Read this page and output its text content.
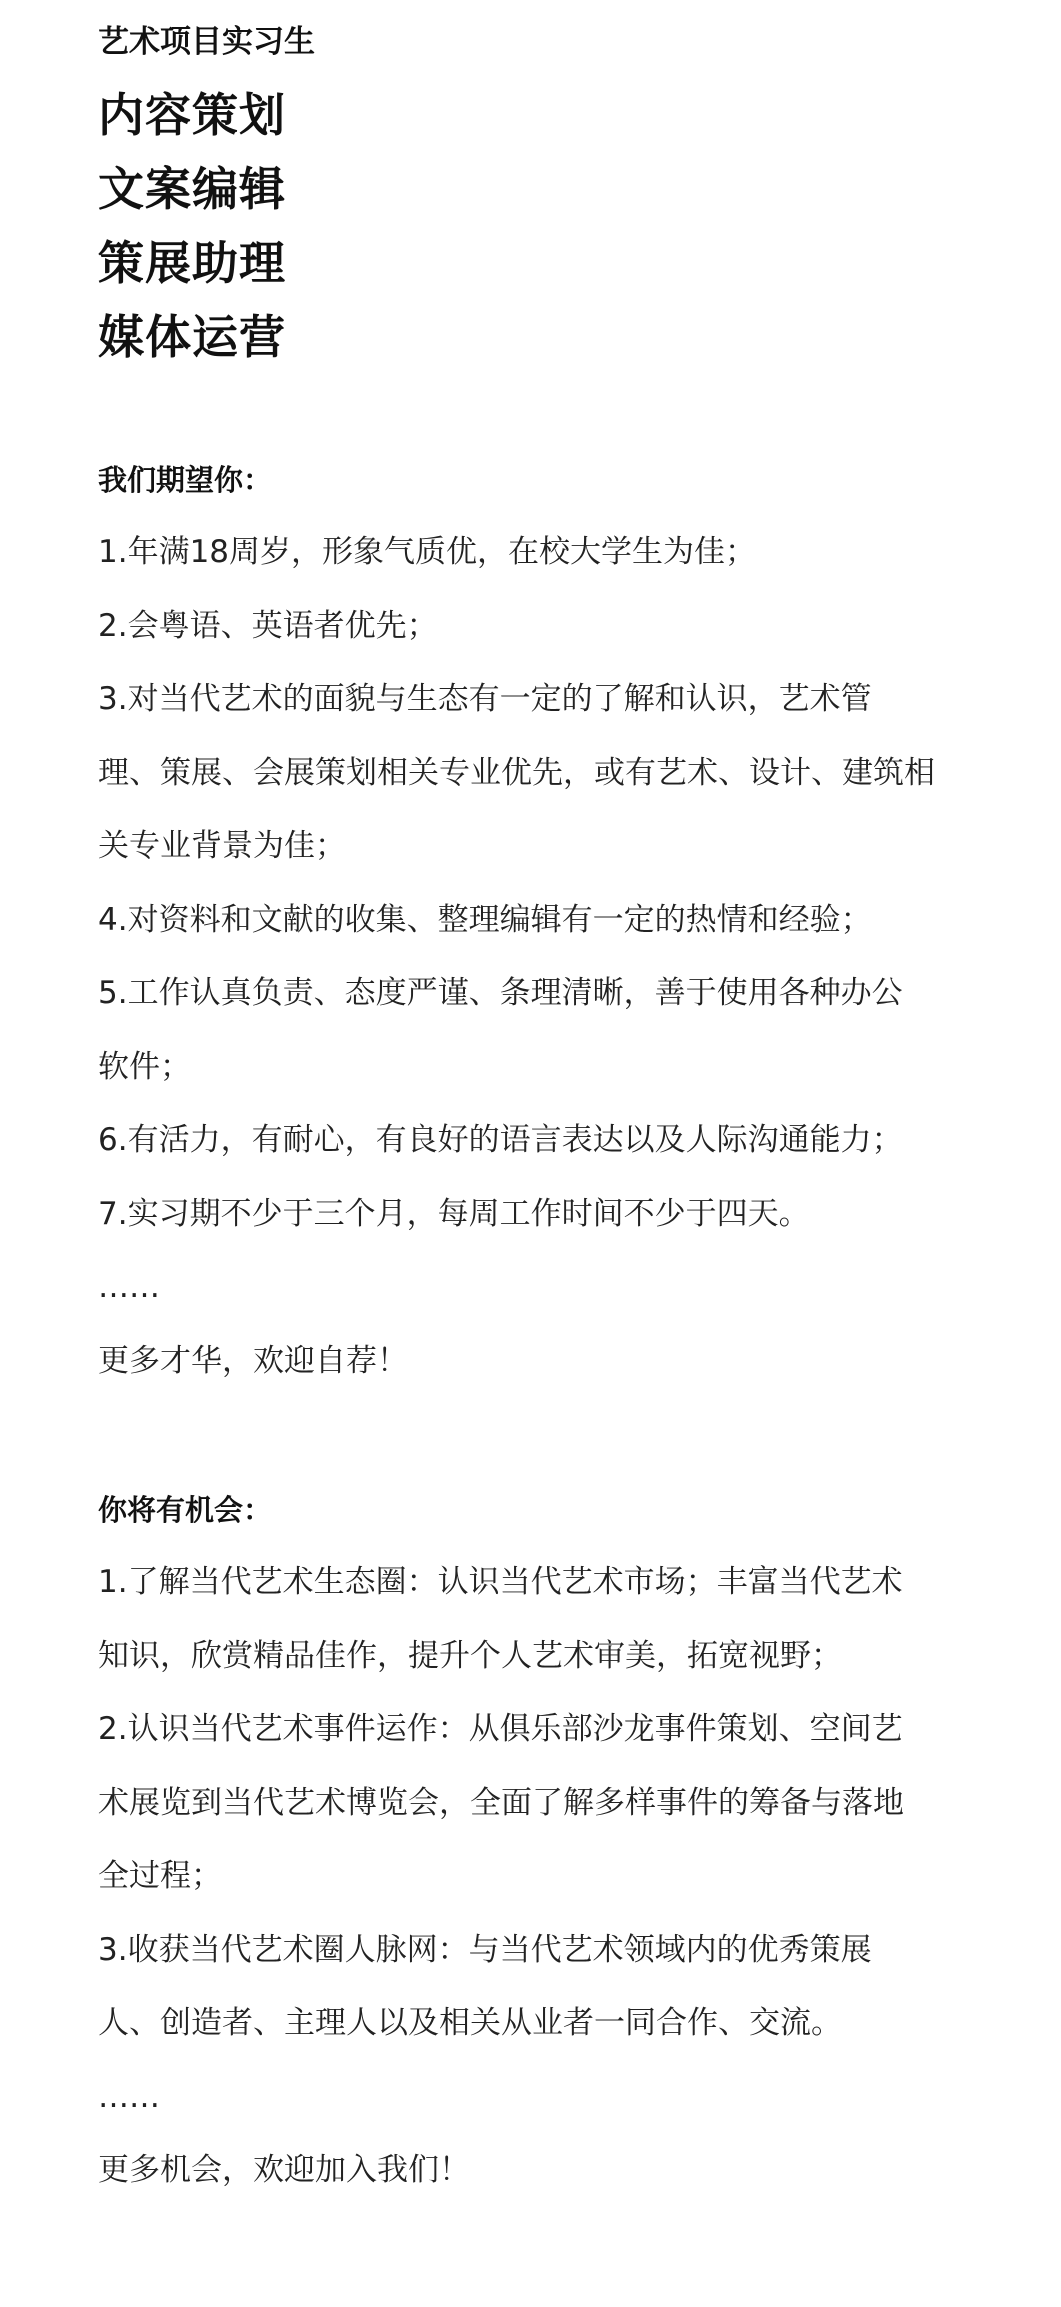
艺术项目实习生
内容策划
文案编辑
策展助理
媒体运营

我们期望你：

1.年满18周岁，形象气质优，在校大学生为佳；

2.会粤语、英语者优先；

3.对当代艺术的面貌与生态有一定的了解和认识，艺术管

理、策展、会展策划相关专业优先，或有艺术、设计、建筑相

关专业背景为佳；

4.对资料和文献的收集、整理编辑有一定的热情和经验；

5.工作认真负责、态度严谨、条理清晰，善于使用各种办公

软件；

6.有活力，有耐心，有良好的语言表达以及人际沟通能力；

7.实习期不少于三个月，每周工作时间不少于四天。

……

更多才华，欢迎自荐！

你将有机会：

1.了解当代艺术生态圈：认识当代艺术市场；丰富当代艺术

知识，欣赏精品佳作，提升个人艺术审美，拓宽视野；

2.认识当代艺术事件运作：从俱乐部沙龙事件策划、空间艺

术展览到当代艺术博览会，全面了解多样事件的筹备与落地

全过程；

3.收获当代艺术圈人脉网：与当代艺术领域内的优秀策展

人、创造者、主理人以及相关从业者一同合作、交流。

……

更多机会，欢迎加入我们！
